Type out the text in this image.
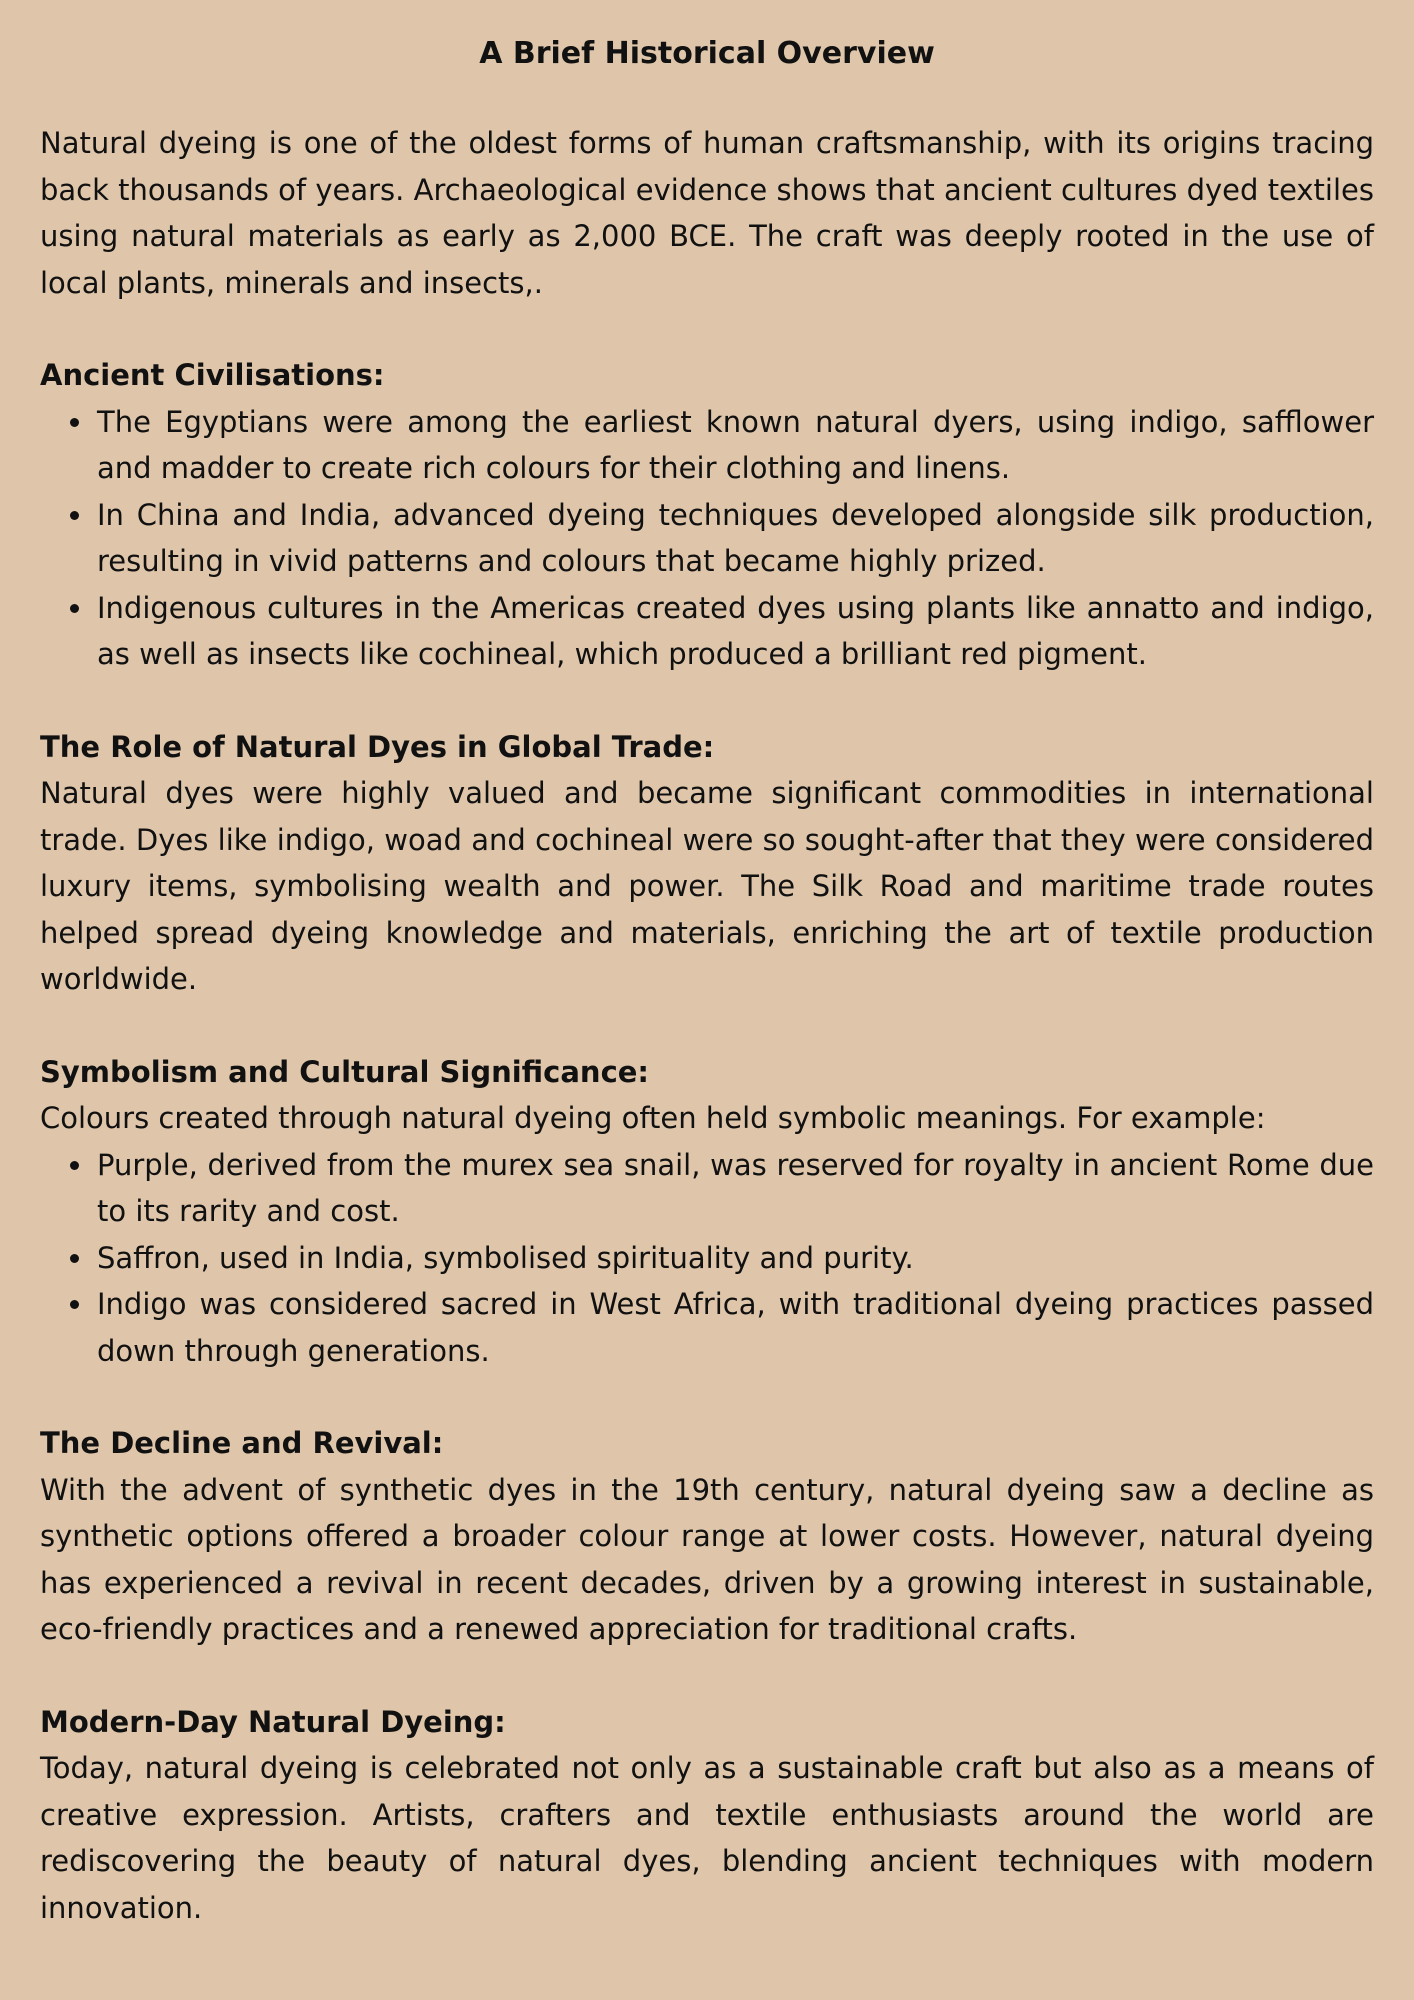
A Brief Historical Overview

Natural dyeing is one of the oldest forms of human craftsmanship, with its origins tracing back thousands of years. Archaeological evidence shows that ancient cultures dyed textiles using natural materials as early as 2,000 BCE. The craft was deeply rooted in the use of local plants, minerals and insects,.

Ancient Civilisations:
The Egyptians were among the earliest known natural dyers, using indigo, safflower and madder to create rich colours for their clothing and linens.
In China and India, advanced dyeing techniques developed alongside silk production, resulting in vivid patterns and colours that became highly prized.
Indigenous cultures in the Americas created dyes using plants like annatto and indigo, as well as insects like cochineal, which produced a brilliant red pigment.
The Role of Natural Dyes in Global Trade:

Natural dyes were highly valued and became significant commodities in international trade. Dyes like indigo, woad and cochineal were so sought-after that they were considered luxury items, symbolising wealth and power. The Silk Road and maritime trade routes helped spread dyeing knowledge and materials, enriching the art of textile production worldwide.

Symbolism and Cultural Significance:

Colours created through natural dyeing often held symbolic meanings. For example:

Purple, derived from the murex sea snail, was reserved for royalty in ancient Rome due to its rarity and cost.
Saffron, used in India, symbolised spirituality and purity.
Indigo was considered sacred in West Africa, with traditional dyeing practices passed down through generations.
The Decline and Revival:

With the advent of synthetic dyes in the 19th century, natural dyeing saw a decline as synthetic options offered a broader colour range at lower costs. However, natural dyeing has experienced a revival in recent decades, driven by a growing interest in sustainable, eco-friendly practices and a renewed appreciation for traditional crafts.

Modern-Day Natural Dyeing:

Today, natural dyeing is celebrated not only as a sustainable craft but also as a means of creative expression. Artists, crafters and textile enthusiasts around the world are rediscovering the beauty of natural dyes, blending ancient techniques with modern innovation.
